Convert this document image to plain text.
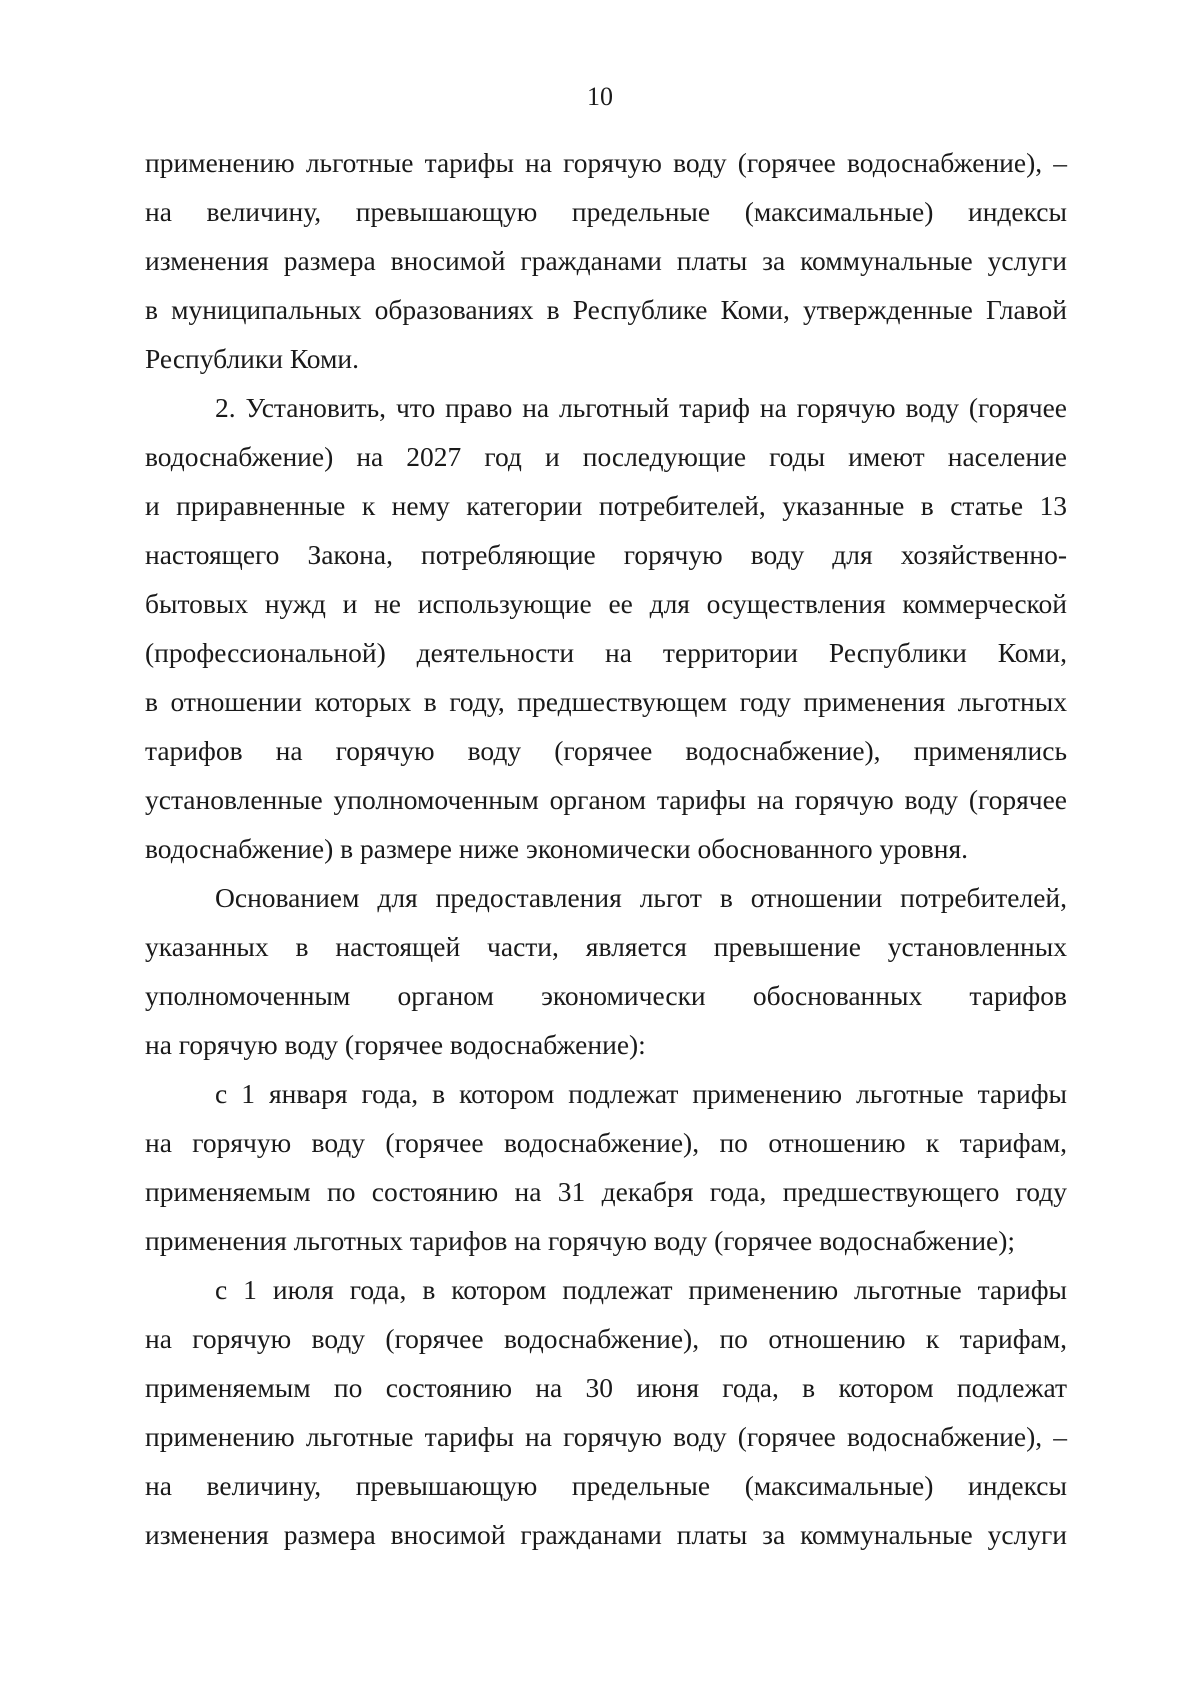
10
применению льготные тарифы на горячую воду (горячее водоснабжение), –
на величину, превышающую предельные (максимальные) индексы
изменения размера вносимой гражданами платы за коммунальные услуги
в муниципальных образованиях в Республике Коми, утвержденные Главой
Республики Коми.
2. Установить, что право на льготный тариф на горячую воду (горячее
водоснабжение) на 2027 год и последующие годы имеют население
и приравненные к нему категории потребителей, указанные в статье 13
настоящего Закона, потребляющие горячую воду для хозяйственно-
бытовых нужд и не использующие ее для осуществления коммерческой
(профессиональной) деятельности на территории Республики Коми,
в отношении которых в году, предшествующем году применения льготных
тарифов на горячую воду (горячее водоснабжение), применялись
установленные уполномоченным органом тарифы на горячую воду (горячее
водоснабжение) в размере ниже экономически обоснованного уровня.
Основанием для предоставления льгот в отношении потребителей,
указанных в настоящей части, является превышение установленных
уполномоченным органом экономически обоснованных тарифов
на горячую воду (горячее водоснабжение):
с 1 января года, в котором подлежат применению льготные тарифы
на горячую воду (горячее водоснабжение), по отношению к тарифам,
применяемым по состоянию на 31 декабря года, предшествующего году
применения льготных тарифов на горячую воду (горячее водоснабжение);
с 1 июля года, в котором подлежат применению льготные тарифы
на горячую воду (горячее водоснабжение), по отношению к тарифам,
применяемым по состоянию на 30 июня года, в котором подлежат
применению льготные тарифы на горячую воду (горячее водоснабжение), –
на величину, превышающую предельные (максимальные) индексы
изменения размера вносимой гражданами платы за коммунальные услуги
